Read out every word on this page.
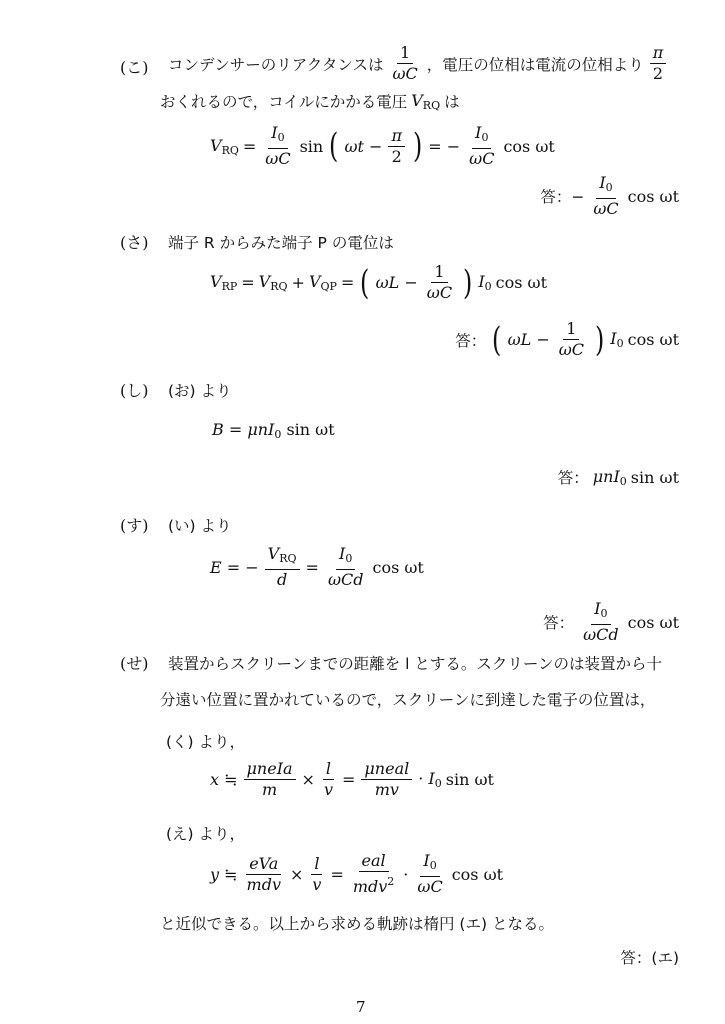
(こ) コンデンサーのリアクタンスは $\frac{1}{\omega C}$ ，電圧の位相は電流の位相より $\frac{\pi}{2}$
おくれるので，コイルにかかる電圧 $V_{RQ}$ は
$V_{RQ} = \frac{I_0}{\omega C}$ sin ( $\omega t - \frac{\pi}{2}$ ) = − $\frac{I_0}{\omega C}$ cos ωt
答：− $\frac{I_0}{\omega C}$ cos ωt
(さ) 端子 R からみた端子 P の電位は
$V_{RP} = V_{RQ} + V_{QP}$ = ( $\omega L - \frac{1}{\omega C}$ ) $I_0$ cos ωt
答： ( $\omega L - \frac{1}{\omega C}$ ) $I_0$ cos ωt
(し) (お) より
B = μnI$_0$ sin ωt
答： μnI$_0$ sin ωt
(す) (い) より
E = − $\frac{V_{RQ}}{d} = \frac{I_0}{\text{ωCd}}$ cos ωt
答： $\frac{I_0}{\text{ωCd}}$ cos ωt
(せ) 装置からスクリーンまでの距離を l とする。スクリーンのは装置から十
分遠い位置に置かれているので，スクリーンに到達した電子の位置は，
(く) より，
x ≒ $\frac{\text{μneIa}}{m} \times \frac{l}{v} = \frac{\text{μneal}}{mv} \cdot I_0$ sin ωt
(え) より，
y ≒ $\frac{\text{eVa}}{\text{mdv}} \times \frac{l}{v} = \frac{\text{eal}}{mdv^2} \cdot \frac{I_0}{\omega C}$ cos ωt
と近似できる。以上から求める軌跡は楕円 (エ) となる。
答：(エ)
7
